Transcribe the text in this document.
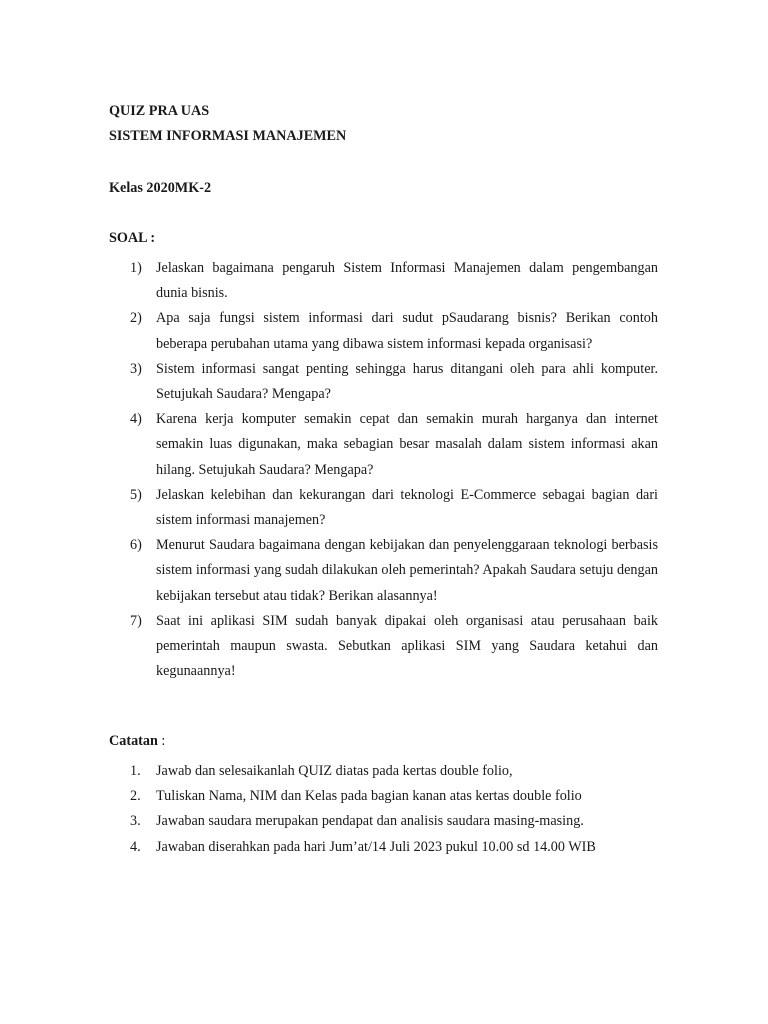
QUIZ PRA UAS
SISTEM INFORMASI MANAJEMEN
Kelas 2020MK-2
SOAL :
1) Jelaskan bagaimana pengaruh Sistem Informasi Manajemen dalam pengembangan dunia bisnis.
2) Apa saja fungsi sistem informasi dari sudut pSaudarang bisnis? Berikan contoh beberapa perubahan utama yang dibawa sistem informasi kepada organisasi?
3) Sistem informasi sangat penting sehingga harus ditangani oleh para ahli komputer. Setujukah Saudara? Mengapa?
4) Karena kerja komputer semakin cepat dan semakin murah harganya dan internet semakin luas digunakan, maka sebagian besar masalah dalam sistem informasi akan hilang. Setujukah Saudara? Mengapa?
5) Jelaskan kelebihan dan kekurangan dari teknologi E-Commerce sebagai bagian dari sistem informasi manajemen?
6) Menurut Saudara bagaimana dengan kebijakan dan penyelenggaraan teknologi berbasis sistem informasi yang sudah dilakukan oleh pemerintah? Apakah Saudara setuju dengan kebijakan tersebut atau tidak? Berikan alasannya!
7) Saat ini aplikasi SIM sudah banyak dipakai oleh organisasi atau perusahaan baik pemerintah maupun swasta. Sebutkan aplikasi SIM yang Saudara ketahui dan kegunaannya!
Catatan :
1. Jawab dan selesaikanlah QUIZ diatas pada kertas double folio,
2. Tuliskan Nama, NIM dan Kelas pada bagian kanan atas kertas double folio
3. Jawaban saudara merupakan pendapat dan analisis saudara masing-masing.
4. Jawaban diserahkan pada hari Jum’at/14 Juli 2023 pukul 10.00 sd 14.00 WIB
